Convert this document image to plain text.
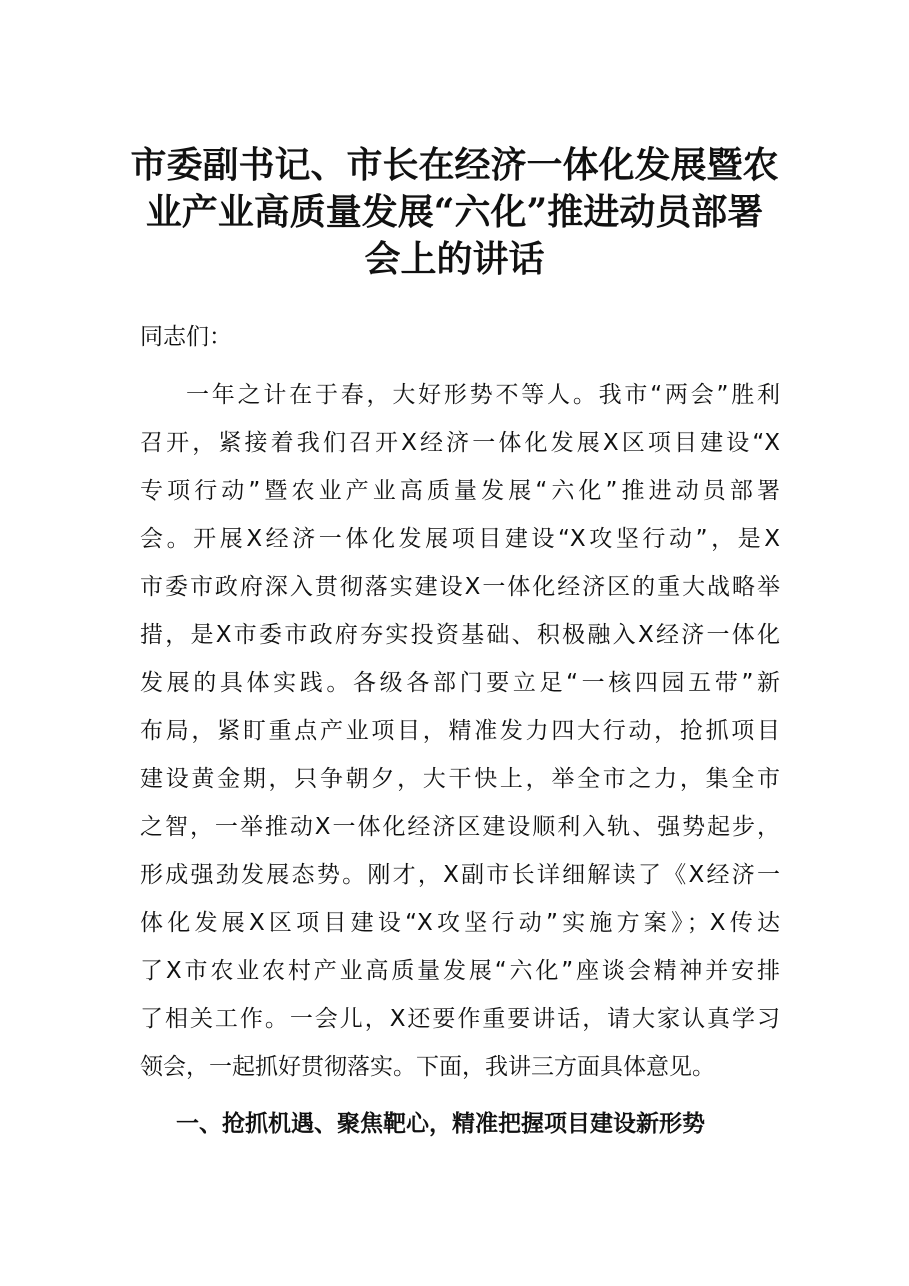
市委副书记、市长在经济一体化发展暨农
业产业高质量发展“六化”推进动员部署
会上的讲话

同志们：

一年之计在于春，大好形势不等人。我市“两会”胜利
召开，紧接着我们召开X经济一体化发展X区项目建设“X
专项行动”暨农业产业高质量发展“六化”推进动员部署
会。开展X经济一体化发展项目建设“X攻坚行动”，是X
市委市政府深入贯彻落实建设X一体化经济区的重大战略举
措，是X市委市政府夯实投资基础、积极融入X经济一体化
发展的具体实践。各级各部门要立足“一核四园五带”新
布局，紧盯重点产业项目，精准发力四大行动，抢抓项目
建设黄金期，只争朝夕，大干快上，举全市之力，集全市
之智，一举推动X一体化经济区建设顺利入轨、强势起步，
形成强劲发展态势。刚才，X副市长详细解读了《X经济一
体化发展X区项目建设“X攻坚行动”实施方案》；X传达
了X市农业农村产业高质量发展“六化”座谈会精神并安排
了相关工作。一会儿，X还要作重要讲话，请大家认真学习
领会，一起抓好贯彻落实。下面，我讲三方面具体意见。
一、抢抓机遇、聚焦靶心，精准把握项目建设新形势
